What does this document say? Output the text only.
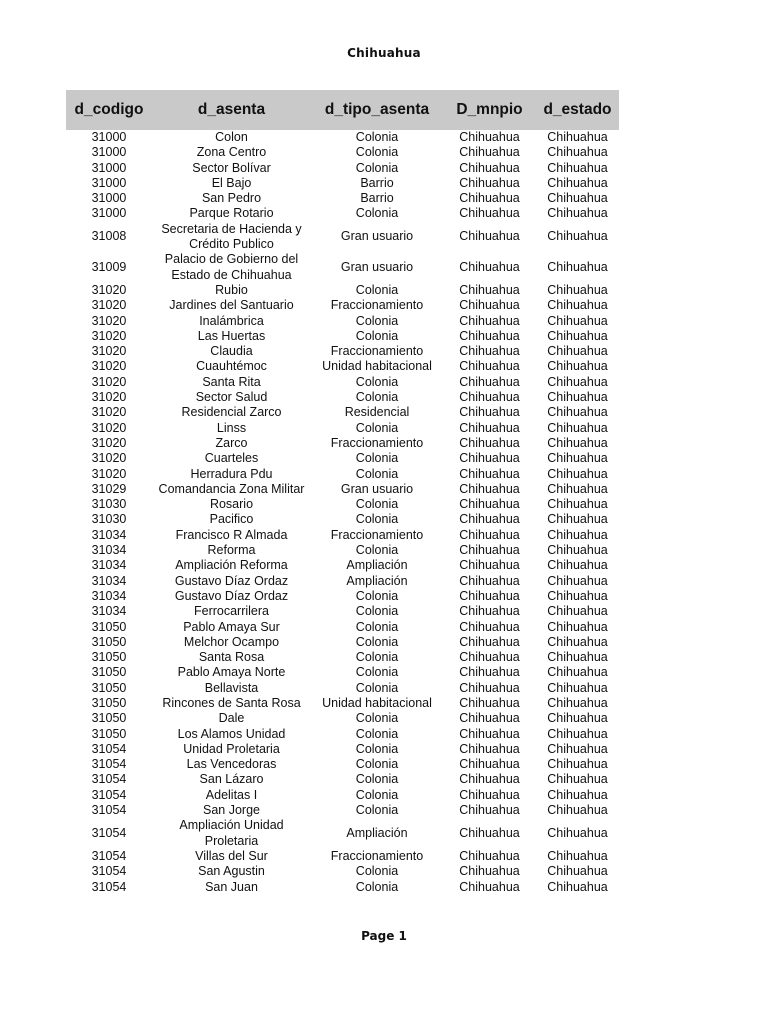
Chihuahua
d_codigo	d_asenta	d_tipo_asenta	D_mnpio	d_estado
31000	Colon	Colonia	Chihuahua	Chihuahua
31000	Zona Centro	Colonia	Chihuahua	Chihuahua
31000	Sector Bolívar	Colonia	Chihuahua	Chihuahua
31000	El Bajo	Barrio	Chihuahua	Chihuahua
31000	San Pedro	Barrio	Chihuahua	Chihuahua
31000	Parque Rotario	Colonia	Chihuahua	Chihuahua
31008	Secretaria de Hacienda y Crédito Publico	Gran usuario	Chihuahua	Chihuahua
31009	Palacio de Gobierno del Estado de Chihuahua	Gran usuario	Chihuahua	Chihuahua
31020	Rubio	Colonia	Chihuahua	Chihuahua
31020	Jardines del Santuario	Fraccionamiento	Chihuahua	Chihuahua
31020	Inalámbrica	Colonia	Chihuahua	Chihuahua
31020	Las Huertas	Colonia	Chihuahua	Chihuahua
31020	Claudia	Fraccionamiento	Chihuahua	Chihuahua
31020	Cuauhtémoc	Unidad habitacional	Chihuahua	Chihuahua
31020	Santa Rita	Colonia	Chihuahua	Chihuahua
31020	Sector Salud	Colonia	Chihuahua	Chihuahua
31020	Residencial Zarco	Residencial	Chihuahua	Chihuahua
31020	Linss	Colonia	Chihuahua	Chihuahua
31020	Zarco	Fraccionamiento	Chihuahua	Chihuahua
31020	Cuarteles	Colonia	Chihuahua	Chihuahua
31020	Herradura Pdu	Colonia	Chihuahua	Chihuahua
31029	Comandancia Zona Militar	Gran usuario	Chihuahua	Chihuahua
31030	Rosario	Colonia	Chihuahua	Chihuahua
31030	Pacifico	Colonia	Chihuahua	Chihuahua
31034	Francisco R Almada	Fraccionamiento	Chihuahua	Chihuahua
31034	Reforma	Colonia	Chihuahua	Chihuahua
31034	Ampliación Reforma	Ampliación	Chihuahua	Chihuahua
31034	Gustavo Díaz Ordaz	Ampliación	Chihuahua	Chihuahua
31034	Gustavo Díaz Ordaz	Colonia	Chihuahua	Chihuahua
31034	Ferrocarrilera	Colonia	Chihuahua	Chihuahua
31050	Pablo Amaya Sur	Colonia	Chihuahua	Chihuahua
31050	Melchor Ocampo	Colonia	Chihuahua	Chihuahua
31050	Santa Rosa	Colonia	Chihuahua	Chihuahua
31050	Pablo Amaya Norte	Colonia	Chihuahua	Chihuahua
31050	Bellavista	Colonia	Chihuahua	Chihuahua
31050	Rincones de Santa Rosa	Unidad habitacional	Chihuahua	Chihuahua
31050	Dale	Colonia	Chihuahua	Chihuahua
31050	Los Alamos Unidad	Colonia	Chihuahua	Chihuahua
31054	Unidad Proletaria	Colonia	Chihuahua	Chihuahua
31054	Las Vencedoras	Colonia	Chihuahua	Chihuahua
31054	San Lázaro	Colonia	Chihuahua	Chihuahua
31054	Adelitas I	Colonia	Chihuahua	Chihuahua
31054	San Jorge	Colonia	Chihuahua	Chihuahua
31054	Ampliación Unidad Proletaria	Ampliación	Chihuahua	Chihuahua
31054	Villas del Sur	Fraccionamiento	Chihuahua	Chihuahua
31054	San Agustin	Colonia	Chihuahua	Chihuahua
31054	San Juan	Colonia	Chihuahua	Chihuahua
Page 1
